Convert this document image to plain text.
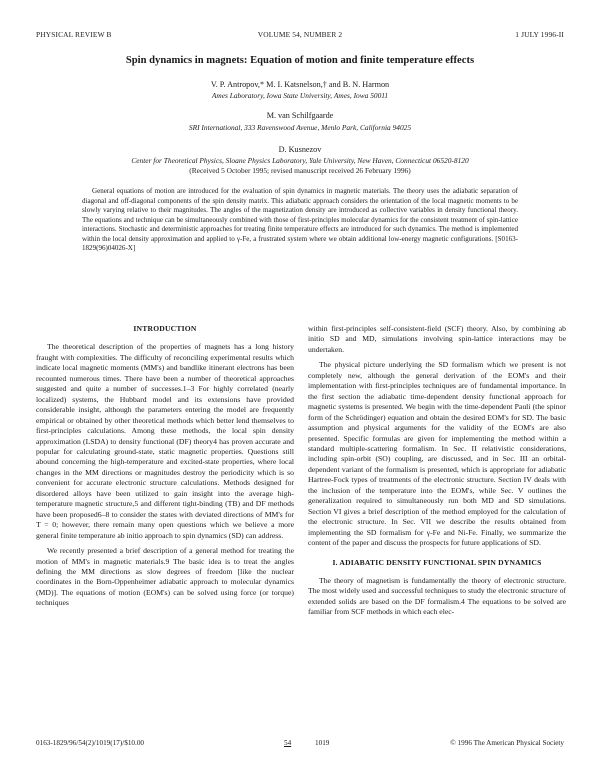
PHYSICAL REVIEW B	VOLUME 54, NUMBER 2	1 JULY 1996-II
Spin dynamics in magnets: Equation of motion and finite temperature effects
V. P. Antropov,* M. I. Katsnelson,† and B. N. Harmon
Ames Laboratory, Iowa State University, Ames, Iowa 50011
M. van Schilfgaarde
SRI International, 333 Ravenswood Avenue, Menlo Park, California 94025
D. Kusnezov
Center for Theoretical Physics, Sloane Physics Laboratory, Yale University, New Haven, Connecticut 06520-8120
(Received 5 October 1995; revised manuscript received 26 February 1996)
General equations of motion are introduced for the evaluation of spin dynamics in magnetic materials. The theory uses the adiabatic separation of diagonal and off-diagonal components of the spin density matrix. This adiabatic approach considers the orientation of the local magnetic moments to be slowly varying relative to their magnitudes. The angles of the magnetization density are introduced as collective variables in density functional theory. The equations and technique can be simultaneously combined with those of first-principles molecular dynamics for the consistent treatment of spin-lattice interactions. Stochastic and deterministic approaches for treating finite temperature effects are introduced for such dynamics. The method is implemented within the local density approximation and applied to γ-Fe, a frustrated system where we obtain additional low-energy magnetic configurations. [S0163-1829(96)04026-X]
INTRODUCTION

The theoretical description of the properties of magnets has a long history fraught with complexities. The difficulty of reconciling experimental results which indicate local magnetic moments (MM's) and bandlike itinerant electrons has been recounted numerous times. There have been a number of theoretical approaches suggested and quite a number of successes.1–3 For highly correlated (nearly localized) systems, the Hubbard model and its extensions have provided considerable insight, although the parameters entering the model are frequently empirical or obtained by other theoretical methods which better lend themselves to first-principles calculations. Among these methods, the local spin density approximation (LSDA) to density functional (DF) theory4 has proven accurate and popular for calculating ground-state, static magnetic properties. Questions still abound concerning the high-temperature and excited-state properties, where local changes in the MM directions or magnitudes destroy the periodicity which is so convenient for accurate electronic structure calculations. Methods designed for disordered alloys have been utilized to gain insight into the average high-temperature magnetic structure,5 and different tight-binding (TB) and DF methods have been proposed6–8 to consider the states with deviated directions of MM's for T = 0; however, there remain many open questions which we believe a more general finite temperature ab initio approach to spin dynamics (SD) can address.

We recently presented a brief description of a general method for treating the motion of MM's in magnetic materials.9 The basic idea is to treat the angles defining the MM directions as slow degrees of freedom [like the nuclear coordinates in the Born-Oppenheimer adiabatic approach to molecular dynamics (MD)]. The equations of motion (EOM's) can be solved using force (or torque) techniques

within first-principles self-consistent-field (SCF) theory. Also, by combining ab initio SD and MD, simulations involving spin-lattice interactions may be undertaken.

The physical picture underlying the SD formalism which we present is not completely new, although the general derivation of the EOM's and their implementation with first-principles techniques are of fundamental importance. In the first section the adiabatic time-dependent density functional approach for magnetic systems is presented. We begin with the time-dependent Pauli (the spinor form of the Schrödinger) equation and obtain the desired EOM's for SD. The basic assumption and physical arguments for the validity of the EOM's are also presented. Specific formulas are given for implementing the method within a standard multiple-scattering formalism. In Sec. II relativistic considerations, including spin-orbit (SO) coupling, are discussed, and in Sec. III an orbital-dependent variant of the formalism is presented, which is appropriate for adiabatic Hartree-Fock types of treatments of the electronic structure. Section IV deals with the inclusion of the temperature into the EOM's, while Sec. V outlines the generalization required to simultaneously run both MD and SD simulations. Section VI gives a brief description of the method employed for the calculation of the electronic structure. In Sec. VII we describe the results obtained from implementing the SD formalism for γ-Fe and Ni-Fe. Finally, we summarize the content of the paper and discuss the prospects for future applications of SD.

I. ADIABATIC DENSITY FUNCTIONAL SPIN DYNAMICS

The theory of magnetism is fundamentally the theory of electronic structure. The most widely used and successful techniques to study the electronic structure of extended solids are based on the DF formalism.4 The equations to be solved are familiar from SCF methods in which each elec-

0163-1829/96/54(2)/1019(17)/$10.00	54	1019	© 1996 The American Physical Society
